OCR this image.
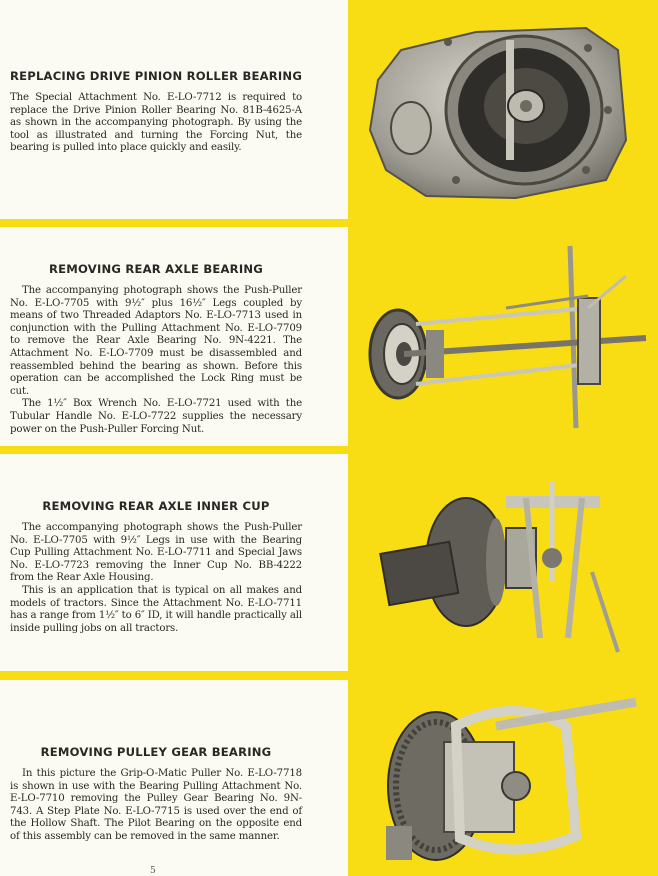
REPLACING DRIVE PINION ROLLER BEARING

The Special Attachment No. E-LO-7712 is required to replace the Drive Pinion Roller Bearing No. 81B-4625-A as shown in the accompanying photograph. By using the tool as illustrated and turning the Forcing Nut, the bearing is pulled into place quickly and easily.

REMOVING REAR AXLE BEARING

The accompanying photograph shows the Push-Puller No. E-LO-7705 with 9½″ plus 16½″ Legs coupled by means of two Threaded Adaptors No. E-LO-7713 used in conjunction with the Pulling Attachment No. E-LO-7709 to remove the Rear Axle Bearing No. 9N-4221. The Attachment No. E-LO-7709 must be disassembled and reassembled behind the bearing as shown. Before this operation can be accomplished the Lock Ring must be cut.

The 1½″ Box Wrench No. E-LO-7721 used with the Tubular Handle No. E-LO-7722 supplies the necessary power on the Push-Puller Forcing Nut.

REMOVING REAR AXLE INNER CUP

The accompanying photograph shows the Push-Puller No. E-LO-7705 with 9½″ Legs in use with the Bearing Cup Pulling Attachment No. E-LO-7711 and Special Jaws No. E-LO-7723 removing the Inner Cup No. BB-4222 from the Rear Axle Housing.

This is an application that is typical on all makes and models of tractors. Since the Attachment No. E-LO-7711 has a range from 1½″ to 6″ ID, it will handle practically all inside pulling jobs on all tractors.

REMOVING PULLEY GEAR BEARING

In this picture the Grip-O-Matic Puller No. E-LO-7718 is shown in use with the Bearing Pulling Attachment No. E-LO-7710 removing the Pulley Gear Bearing No. 9N-743. A Step Plate No. E-LO-7715 is used over the end of the Hollow Shaft. The Pilot Bearing on the opposite end of this assembly can be removed in the same manner.

5
